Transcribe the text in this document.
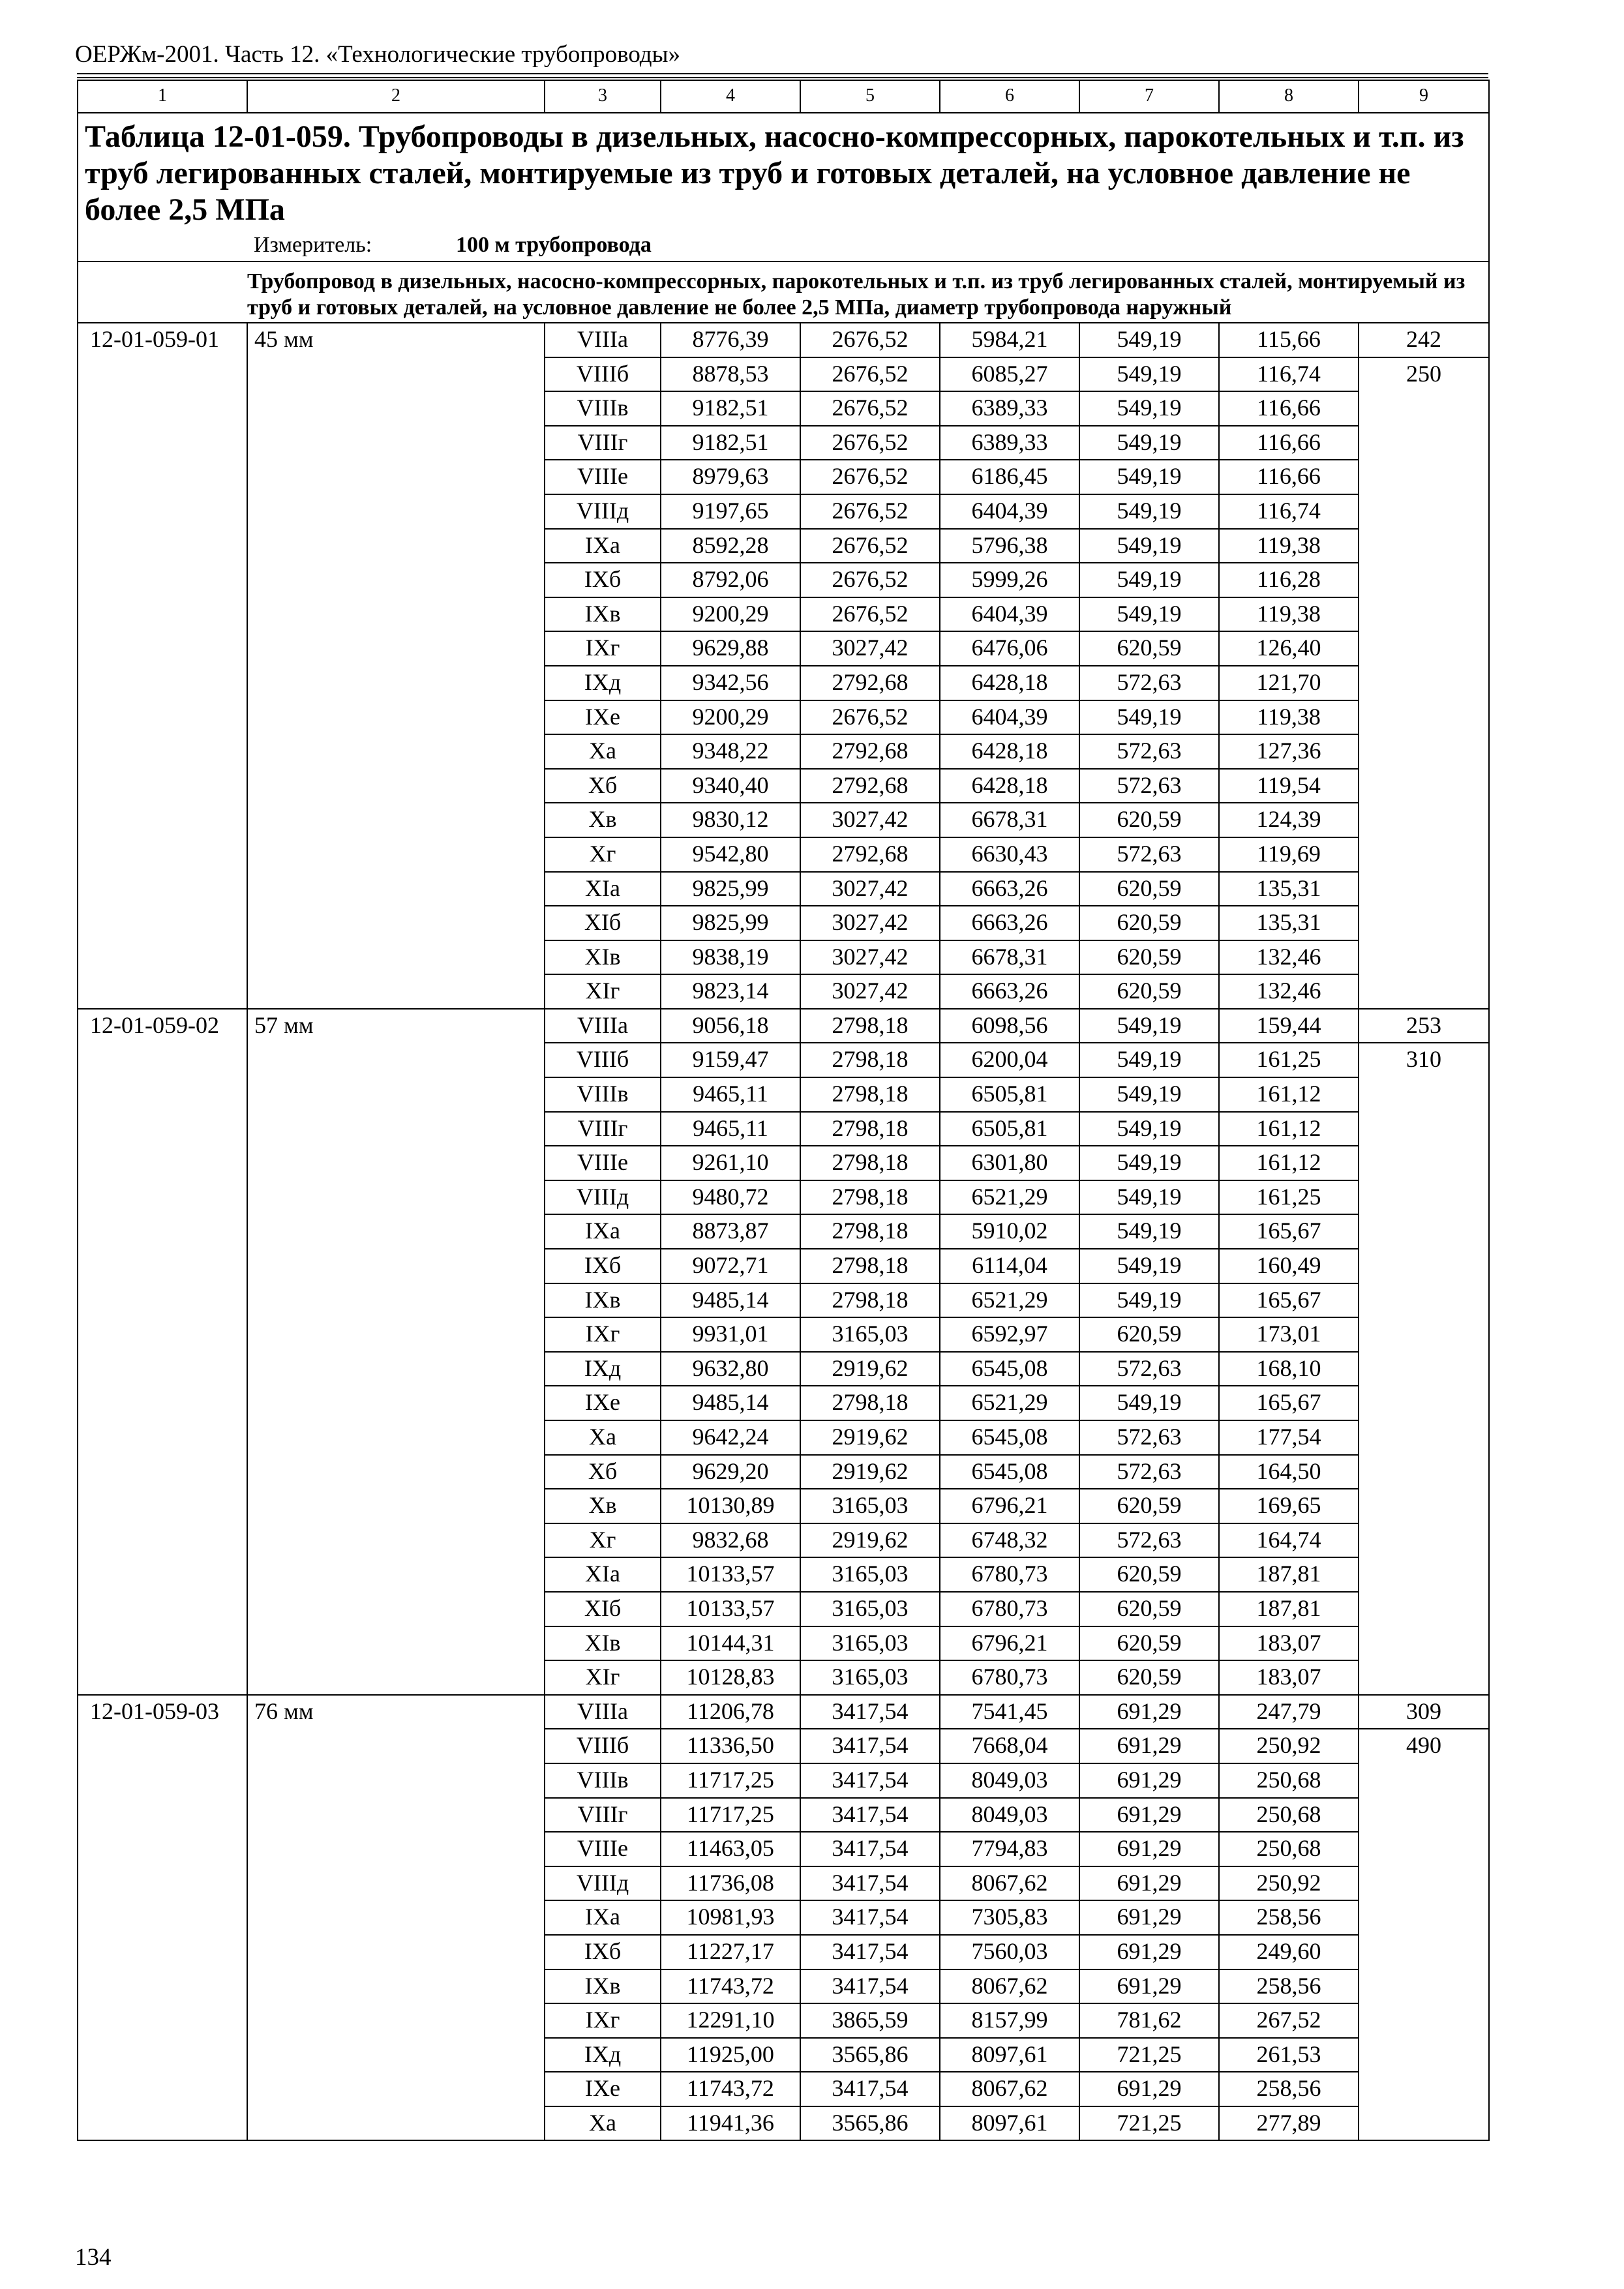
ОЕРЖм-2001. Часть 12. «Технологические трубопроводы»
1	2	3	4	5	6	7	8	9
Таблица 12-01-059. Трубопроводы в дизельных, насосно-компрессорных, парокотельных и т.п. из труб легированных сталей, монтируемые из труб и готовых деталей, на условное давление не более 2,5 МПа								
	Измеритель: 100 м трубопровода							
	Трубопровод в дизельных, насосно-компрессорных, парокотельных и т.п. из труб легированных сталей, монтируемый из труб и готовых деталей, на условное давление не более 2,5 МПа, диаметр трубопровода наружный							
12-01-059-01	45 мм	VIIIа	8776,39	2676,52	5984,21	549,19	115,66	242
		VIIIб	8878,53	2676,52	6085,27	549,19	116,74	250
		VIIIв	9182,51	2676,52	6389,33	549,19	116,66	
		VIIIг	9182,51	2676,52	6389,33	549,19	116,66	
		VIIIе	8979,63	2676,52	6186,45	549,19	116,66	
		VIIIд	9197,65	2676,52	6404,39	549,19	116,74	
		IXа	8592,28	2676,52	5796,38	549,19	119,38	
		IXб	8792,06	2676,52	5999,26	549,19	116,28	
		IXв	9200,29	2676,52	6404,39	549,19	119,38	
		IXг	9629,88	3027,42	6476,06	620,59	126,40	
		IXд	9342,56	2792,68	6428,18	572,63	121,70	
		IXе	9200,29	2676,52	6404,39	549,19	119,38	
		Xа	9348,22	2792,68	6428,18	572,63	127,36	
		Xб	9340,40	2792,68	6428,18	572,63	119,54	
		Xв	9830,12	3027,42	6678,31	620,59	124,39	
		Xг	9542,80	2792,68	6630,43	572,63	119,69	
		XIа	9825,99	3027,42	6663,26	620,59	135,31	
		XIб	9825,99	3027,42	6663,26	620,59	135,31	
		XIв	9838,19	3027,42	6678,31	620,59	132,46	
		XIг	9823,14	3027,42	6663,26	620,59	132,46	
12-01-059-02	57 мм	VIIIа	9056,18	2798,18	6098,56	549,19	159,44	253
		VIIIб	9159,47	2798,18	6200,04	549,19	161,25	310
		VIIIв	9465,11	2798,18	6505,81	549,19	161,12	
		VIIIг	9465,11	2798,18	6505,81	549,19	161,12	
		VIIIе	9261,10	2798,18	6301,80	549,19	161,12	
		VIIIд	9480,72	2798,18	6521,29	549,19	161,25	
		IXа	8873,87	2798,18	5910,02	549,19	165,67	
		IXб	9072,71	2798,18	6114,04	549,19	160,49	
		IXв	9485,14	2798,18	6521,29	549,19	165,67	
		IXг	9931,01	3165,03	6592,97	620,59	173,01	
		IXд	9632,80	2919,62	6545,08	572,63	168,10	
		IXе	9485,14	2798,18	6521,29	549,19	165,67	
		Xа	9642,24	2919,62	6545,08	572,63	177,54	
		Xб	9629,20	2919,62	6545,08	572,63	164,50	
		Xв	10130,89	3165,03	6796,21	620,59	169,65	
		Xг	9832,68	2919,62	6748,32	572,63	164,74	
		XIа	10133,57	3165,03	6780,73	620,59	187,81	
		XIб	10133,57	3165,03	6780,73	620,59	187,81	
		XIв	10144,31	3165,03	6796,21	620,59	183,07	
		XIг	10128,83	3165,03	6780,73	620,59	183,07	
12-01-059-03	76 мм	VIIIа	11206,78	3417,54	7541,45	691,29	247,79	309
		VIIIб	11336,50	3417,54	7668,04	691,29	250,92	490
		VIIIв	11717,25	3417,54	8049,03	691,29	250,68	
		VIIIг	11717,25	3417,54	8049,03	691,29	250,68	
		VIIIе	11463,05	3417,54	7794,83	691,29	250,68	
		VIIIд	11736,08	3417,54	8067,62	691,29	250,92	
		IXа	10981,93	3417,54	7305,83	691,29	258,56	
		IXб	11227,17	3417,54	7560,03	691,29	249,60	
		IXв	11743,72	3417,54	8067,62	691,29	258,56	
		IXг	12291,10	3865,59	8157,99	781,62	267,52	
		IXд	11925,00	3565,86	8097,61	721,25	261,53	
		IXе	11743,72	3417,54	8067,62	691,29	258,56	
		Xа	11941,36	3565,86	8097,61	721,25	277,89	
134
